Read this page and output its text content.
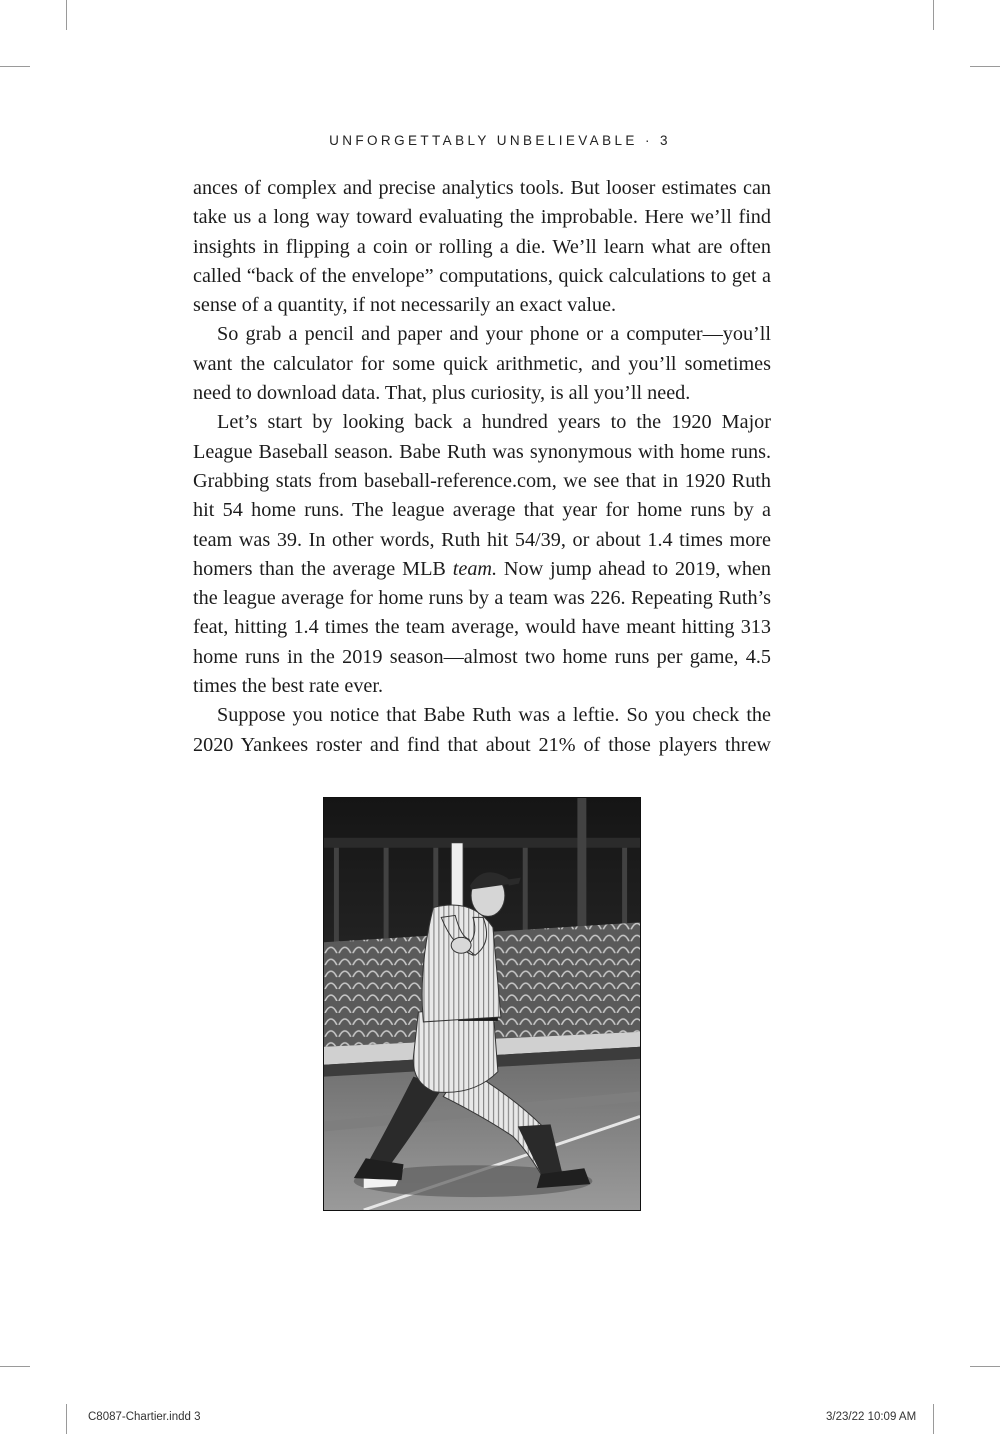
UNFORGETTABLY UNBELIEVABLE · 3

ances of complex and precise analytics tools. But looser estimates can take us a long way toward evaluating the improbable. Here we’ll find insights in flipping a coin or rolling a die. We’ll learn what are often called “back of the envelope” computations, quick calculations to get a sense of a quantity, if not necessarily an exact value.

So grab a pencil and paper and your phone or a computer—you’ll want the calculator for some quick arithmetic, and you’ll sometimes need to download data. That, plus curiosity, is all you’ll need.

Let’s start by looking back a hundred years to the 1920 Major League Baseball season. Babe Ruth was synonymous with home runs. Grabbing stats from baseball-reference.com, we see that in 1920 Ruth hit 54 home runs. The league average that year for home runs by a team was 39. In other words, Ruth hit 54/39, or about 1.4 times more homers than the average MLB team. Now jump ahead to 2019, when the league average for home runs by a team was 226. Repeating Ruth’s feat, hitting 1.4 times the team average, would have meant hitting 313 home runs in the 2019 season—almost two home runs per game, 4.5 times the best rate ever.

Suppose you notice that Babe Ruth was a leftie. So you check the 2020 Yankees roster and find that about 21% of those players threw

C8087-Chartier.indd 3	3/23/22 10:09 AM
